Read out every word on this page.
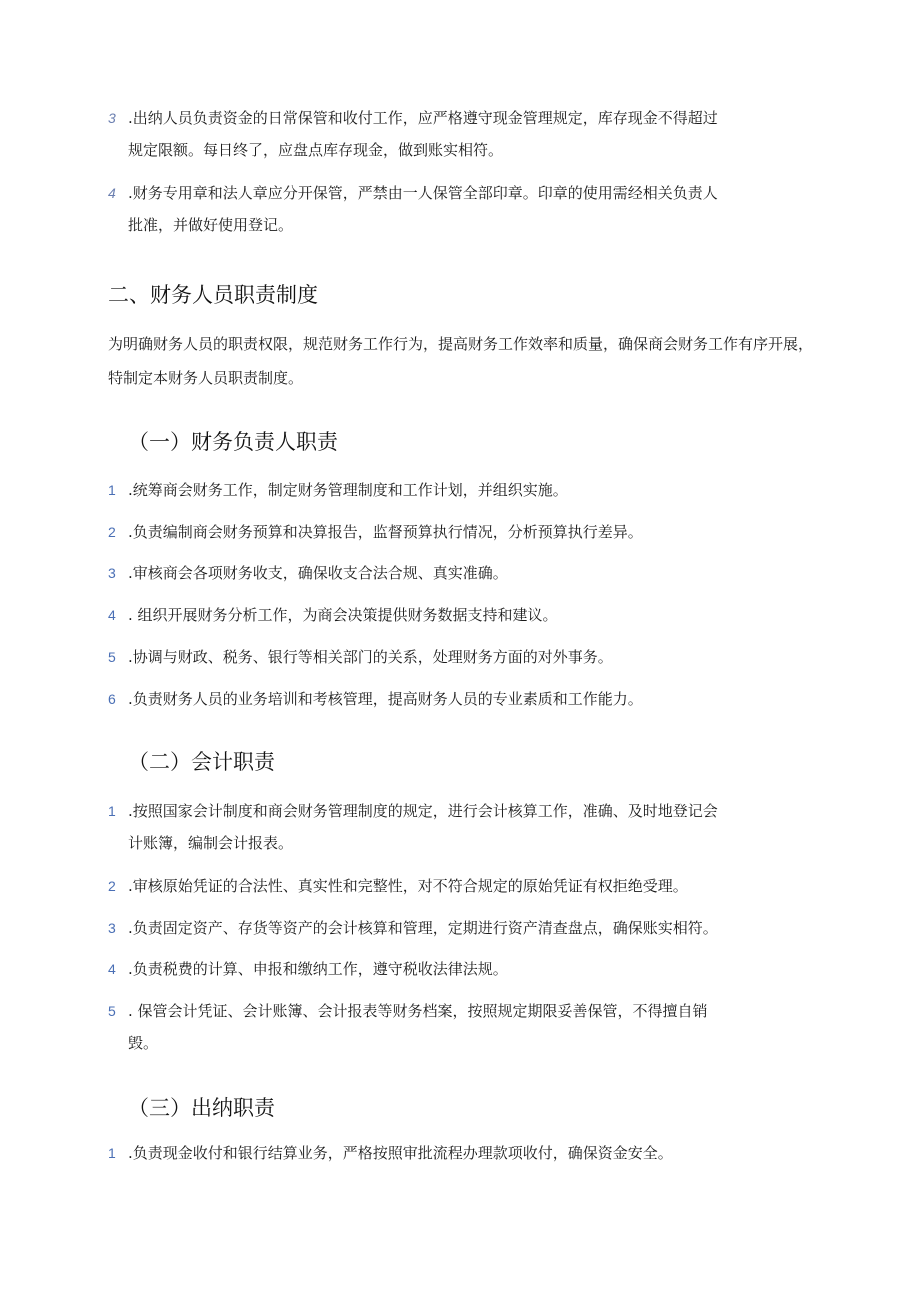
3 .出纳人员负责资金的日常保管和收付工作，应严格遵守现金管理规定，库存现金不得超过
规定限额。每日终了，应盘点库存现金，做到账实相符。
4 .财务专用章和法人章应分开保管，严禁由一人保管全部印章。印章的使用需经相关负责人
批准，并做好使用登记。
二、财务人员职责制度
为明确财务人员的职责权限，规范财务工作行为，提高财务工作效率和质量，确保商会财务工作有序开展，特制定本财务人员职责制度。
（一）财务负责人职责
1 .统筹商会财务工作，制定财务管理制度和工作计划，并组织实施。
2 .负责编制商会财务预算和决算报告，监督预算执行情况，分析预算执行差异。
3 .审核商会各项财务收支，确保收支合法合规、真实准确。
4 . 组织开展财务分析工作，为商会决策提供财务数据支持和建议。
5 .协调与财政、税务、银行等相关部门的关系，处理财务方面的对外事务。
6 .负责财务人员的业务培训和考核管理，提高财务人员的专业素质和工作能力。
（二）会计职责
1 .按照国家会计制度和商会财务管理制度的规定，进行会计核算工作，准确、及时地登记会
计账簿，编制会计报表。
2 .审核原始凭证的合法性、真实性和完整性，对不符合规定的原始凭证有权拒绝受理。
3 .负责固定资产、存货等资产的会计核算和管理，定期进行资产清查盘点，确保账实相符。
4 .负责税费的计算、申报和缴纳工作，遵守税收法律法规。
5 . 保管会计凭证、会计账簿、会计报表等财务档案，按照规定期限妥善保管，不得擅自销
毁。
（三）出纳职责
1 .负责现金收付和银行结算业务，严格按照审批流程办理款项收付，确保资金安全。
